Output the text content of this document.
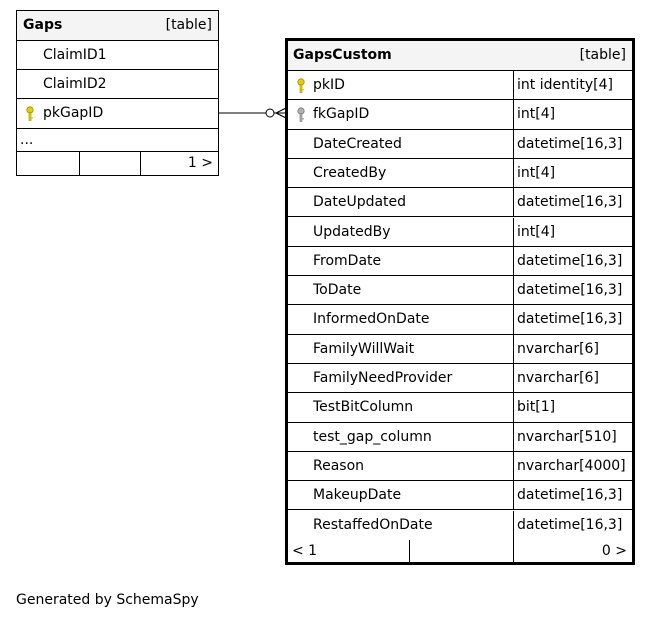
Gaps	[table]
ClaimID1
ClaimID2
pkGapID
...
1 >
GapsCustom	[table]
pkID	int identity[4]
fkGapID	int[4]
DateCreated	datetime[16,3]
CreatedBy	int[4]
DateUpdated	datetime[16,3]
UpdatedBy	int[4]
FromDate	datetime[16,3]
ToDate	datetime[16,3]
InformedOnDate	datetime[16,3]
FamilyWillWait	nvarchar[6]
FamilyNeedProvider	nvarchar[6]
TestBitColumn	bit[1]
test_gap_column	nvarchar[510]
Reason	nvarchar[4000]
MakeupDate	datetime[16,3]
RestaffedOnDate	datetime[16,3]
< 1	0 >
Generated by SchemaSpy
